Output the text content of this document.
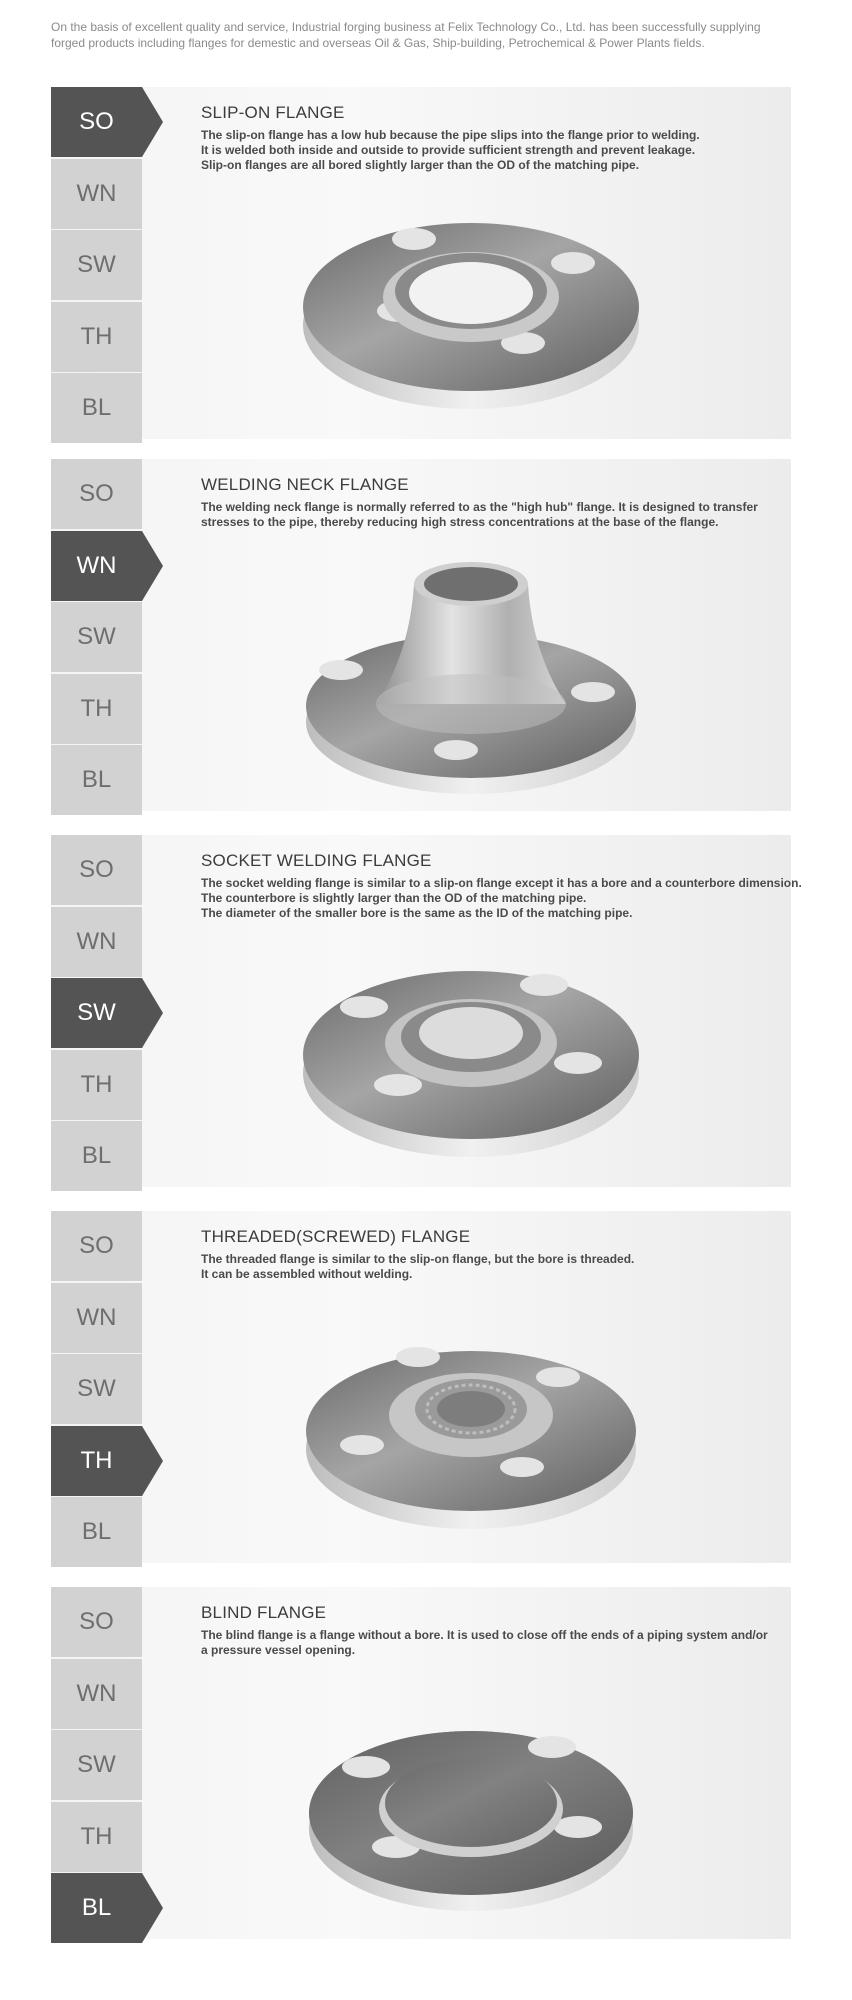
On the basis of excellent quality and service, Industrial forging business at Felix Technology Co., Ltd. has been successfully supplying
forged products including flanges for demestic and overseas Oil & Gas, Ship-building, Petrochemical & Power Plants fields.
SO
WN
SW
TH
BL
SLIP-ON FLANGE
The slip-on flange has a low hub because the pipe slips into the flange prior to welding.
It is welded both inside and outside to provide sufficient strength and prevent leakage.
Slip-on flanges are all bored slightly larger than the OD of the matching pipe.
SO
WN
SW
TH
BL
WELDING NECK FLANGE
The welding neck flange is normally referred to as the "high hub" flange. It is designed to transfer
stresses to the pipe, thereby reducing high stress concentrations at the base of the flange.
SO
WN
SW
TH
BL
SOCKET WELDING FLANGE
The socket welding flange is similar to a slip-on flange except it has a bore and a counterbore dimension.
The counterbore is slightly larger than the OD of the matching pipe.
The diameter of the smaller bore is the same as the ID of the matching pipe.
SO
WN
SW
TH
BL
THREADED(SCREWED) FLANGE
The threaded flange is similar to the slip-on flange, but the bore is threaded.
It can be assembled without welding.
SO
WN
SW
TH
BL
BLIND FLANGE
The blind flange is a flange without a bore. It is used to close off the ends of a piping system and/or
a pressure vessel opening.
